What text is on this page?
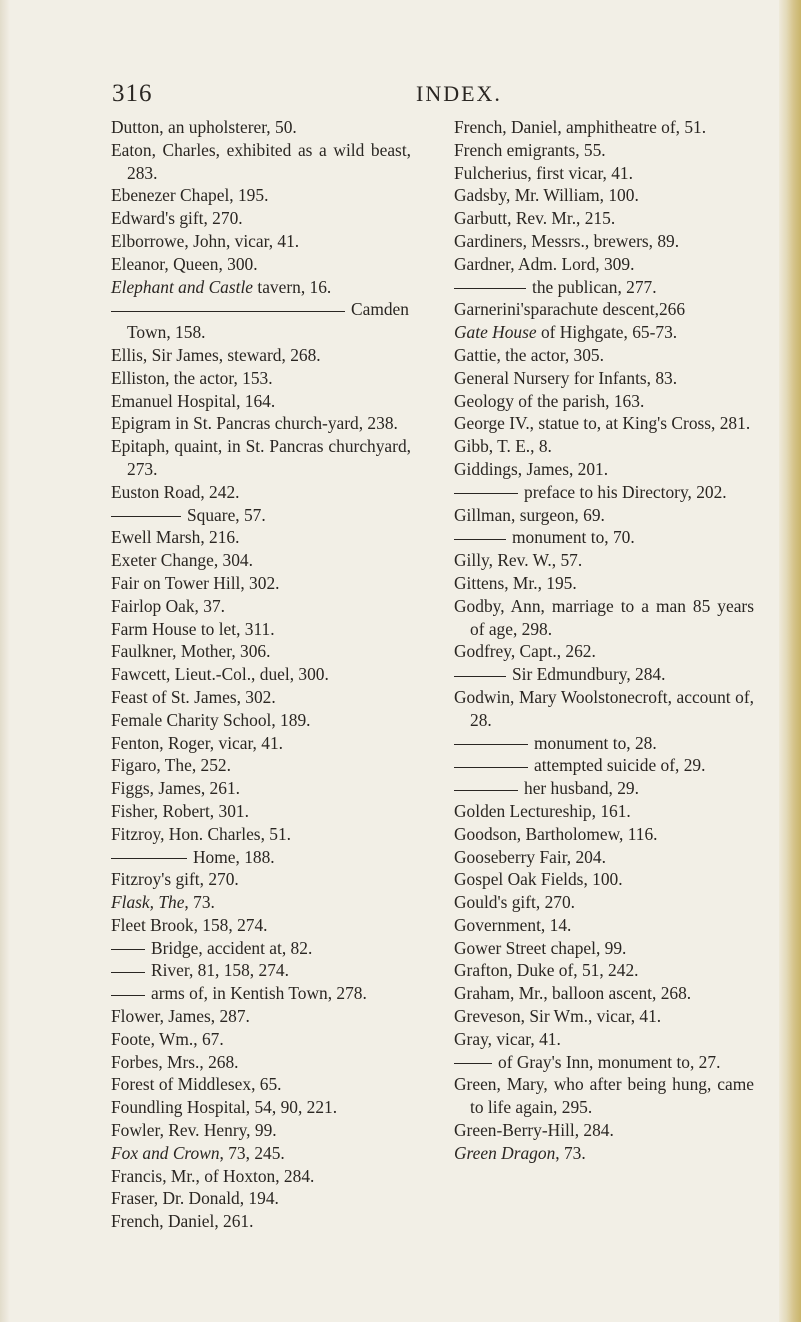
316	INDEX.
Dutton, an upholsterer, 50.
Eaton, Charles, exhibited as a wild beast, 283.
Ebenezer Chapel, 195.
Edward's gift, 270.
Elborrowe, John, vicar, 41.
Eleanor, Queen, 300.
Elephant and Castle tavern, 16.
Camden Town, 158.
Ellis, Sir James, steward, 268.
Elliston, the actor, 153.
Emanuel Hospital, 164.
Epigram in St. Pancras church-yard, 238.
Epitaph, quaint, in St. Pancras churchyard, 273.
Euston Road, 242.
Square, 57.
Ewell Marsh, 216.
Exeter Change, 304.
Fair on Tower Hill, 302.
Fairlop Oak, 37.
Farm House to let, 311.
Faulkner, Mother, 306.
Fawcett, Lieut.-Col., duel, 300.
Feast of St. James, 302.
Female Charity School, 189.
Fenton, Roger, vicar, 41.
Figaro, The, 252.
Figgs, James, 261.
Fisher, Robert, 301.
Fitzroy, Hon. Charles, 51.
Home, 188.
Fitzroy's gift, 270.
Flask, The, 73.
Fleet Brook, 158, 274.
Bridge, accident at, 82.
River, 81, 158, 274.
arms of, in Kentish Town, 278.
Flower, James, 287.
Foote, Wm., 67.
Forbes, Mrs., 268.
Forest of Middlesex, 65.
Foundling Hospital, 54, 90, 221.
Fowler, Rev. Henry, 99.
Fox and Crown, 73, 245.
Francis, Mr., of Hoxton, 284.
Fraser, Dr. Donald, 194.
French, Daniel, 261.
French, Daniel, amphitheatre of, 51.
French emigrants, 55.
Fulcherius, first vicar, 41.
Gadsby, Mr. William, 100.
Garbutt, Rev. Mr., 215.
Gardiners, Messrs., brewers, 89.
Gardner, Adm. Lord, 309.
the publican, 277.
Garnerini'sparachute descent,266
Gate House of Highgate, 65-73.
Gattie, the actor, 305.
General Nursery for Infants, 83.
Geology of the parish, 163.
George IV., statue to, at King's Cross, 281.
Gibb, T. E., 8.
Giddings, James, 201.
preface to his Directory, 202.
Gillman, surgeon, 69.
monument to, 70.
Gilly, Rev. W., 57.
Gittens, Mr., 195.
Godby, Ann, marriage to a man 85 years of age, 298.
Godfrey, Capt., 262.
Sir Edmundbury, 284.
Godwin, Mary Woolstonecroft, account of, 28.
monument to, 28.
attempted suicide of, 29.
her husband, 29.
Golden Lectureship, 161.
Goodson, Bartholomew, 116.
Gooseberry Fair, 204.
Gospel Oak Fields, 100.
Gould's gift, 270.
Government, 14.
Gower Street chapel, 99.
Grafton, Duke of, 51, 242.
Graham, Mr., balloon ascent, 268.
Greveson, Sir Wm., vicar, 41.
Gray, vicar, 41.
of Gray's Inn, monument to, 27.
Green, Mary, who after being hung, came to life again, 295.
Green-Berry-Hill, 284.
Green Dragon, 73.
